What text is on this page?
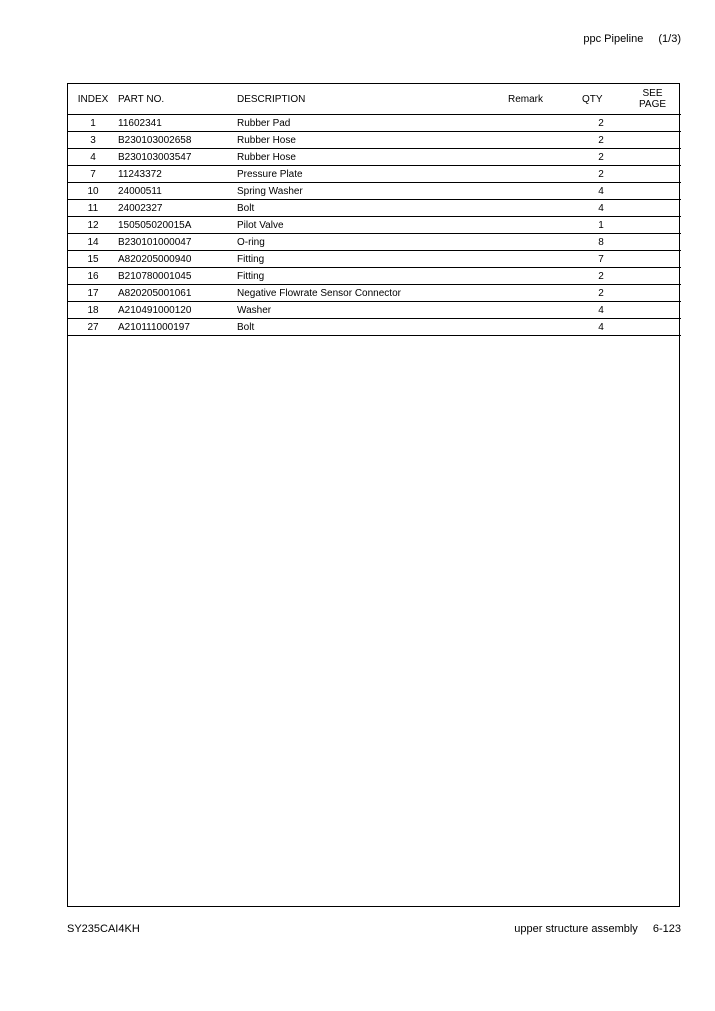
ppc Pipeline (1/3)
INDEX	PART NO.	DESCRIPTION	Remark	QTY	SEE
PAGE
1	11602341	Rubber Pad		2	
3	B230103002658	Rubber Hose		2	
4	B230103003547	Rubber Hose		2	
7	11243372	Pressure Plate		2	
10	24000511	Spring Washer		4	
11	24002327	Bolt		4	
12	150505020015A	Pilot Valve		1	
14	B230101000047	O-ring		8	
15	A820205000940	Fitting		7	
16	B210780001045	Fitting		2	
17	A820205001061	Negative Flowrate Sensor Connector		2	
18	A210491000120	Washer		4	
27	A210111000197	Bolt		4	
SY235CAI4KH	upper structure assembly 6-123
